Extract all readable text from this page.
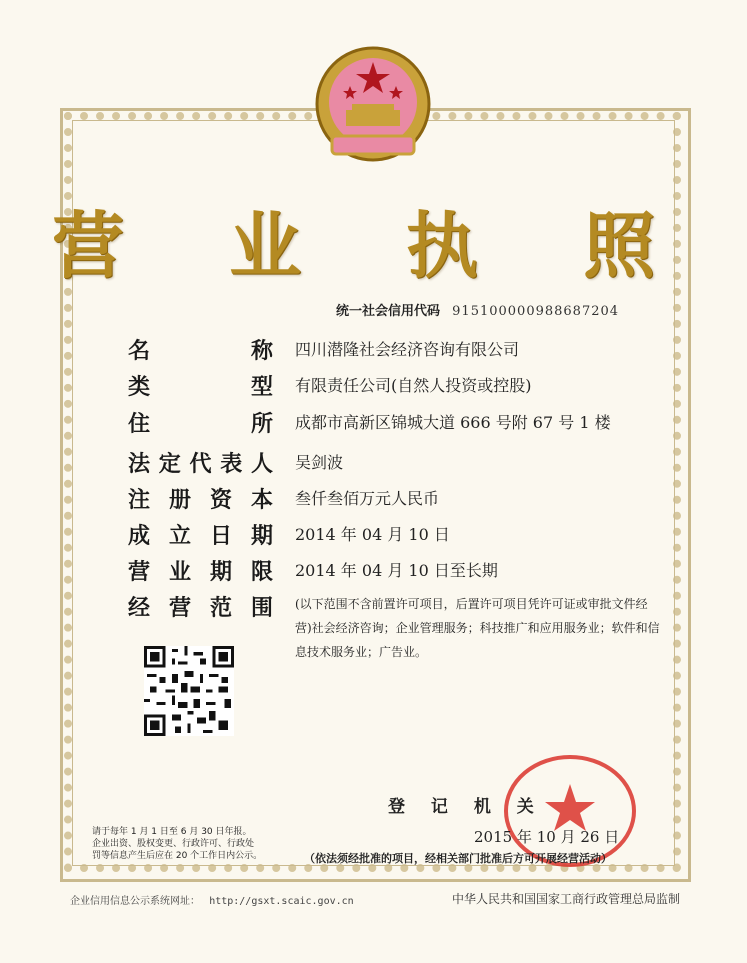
营 业 执 照
统一社会信用代码 915100000988687204
名　　称 四川潜隆社会经济咨询有限公司
类　　型 有限责任公司(自然人投资或控股)
住　　所 成都市高新区锦城大道 666 号附 67 号 1 楼
法定代表人 吴剑波
注册资本 叁仟叁佰万元人民币
成立日期 2014 年 04 月 10 日
营业期限 2014 年 04 月 10 日至长期
经营范围 (以下范围不含前置许可项目，后置许可项目凭许可证或审批文件经
营)社会经济咨询；企业管理服务；科技推广和应用服务业；软件和信
息技术服务业；广告业。
请于每年 1 月 1 日至 6 月 30 日年报。
企业出资、股权变更、行政许可、行政处
罚等信息产生后应在 20 个工作日内公示。
登 记 机 关
2015 年 10 月 26 日
（依法须经批准的项目，经相关部门批准后方可开展经营活动）
企业信用信息公示系统网址： http://gsxt.scaic.gov.cn	中华人民共和国国家工商行政管理总局监制
